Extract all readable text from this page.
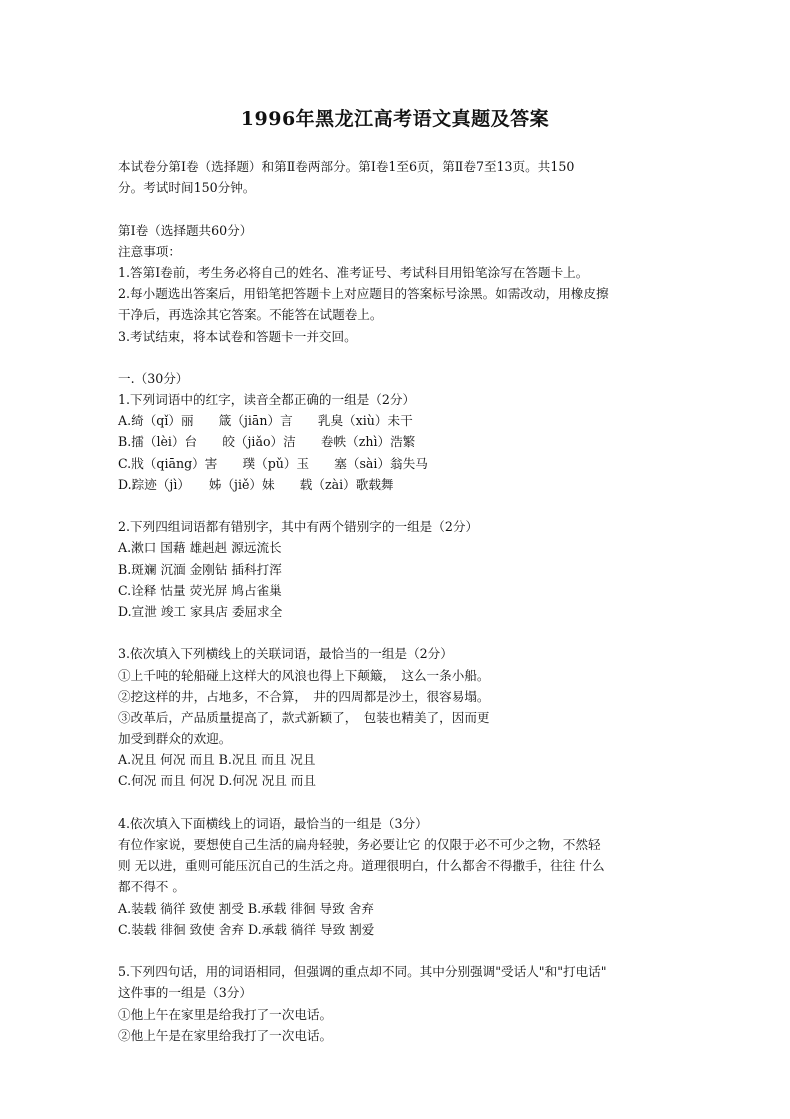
1996年黑龙江高考语文真题及答案
本试卷分第Ⅰ卷（选择题）和第Ⅱ卷两部分。第Ⅰ卷1至6页，第Ⅱ卷7至13页。共150
分。考试时间150分钟。
第Ⅰ卷（选择题共60分）
注意事项：
1.答第Ⅰ卷前，考生务必将自己的姓名、准考证号、考试科目用铅笔涂写在答题卡上。
2.每小题选出答案后，用铅笔把答题卡上对应题目的答案标号涂黑。如需改动，用橡皮擦
干净后，再选涂其它答案。不能答在试题卷上。
3.考试结束，将本试卷和答题卡一并交回。
一.（30分）
1.下列词语中的红字，读音全都正确的一组是（2分）
A.绮（qǐ）丽　　箴（jiān）言　　乳臭（xiù）未干
B.擂（lèi）台　　皎（jiǎo）洁　　卷帙（zhì）浩繁
C.戕（qiāng）害　　璞（pǔ）玉　　塞（sài）翁失马
D.踪迹（jì）　　姊（jiě）妹　　载（zài）歌载舞
2.下列四组词语都有错别字，其中有两个错别字的一组是（2分）
A.漱口 国藉 雄赳赳 源远流长
B.斑斓 沉湎 金刚钻 插科打浑
C.诠释 怙量 荧光屏 鸠占雀巢
D.宣泄 竣工 家具店 委屈求全
3.依次填入下列横线上的关联词语，最恰当的一组是（2分）
①上千吨的轮船碰上这样大的风浪也得上下颠簸，　这么一条小船。
②挖这样的井，占地多，不合算，　井的四周都是沙土，很容易塌。
③改革后，产品质量提高了，款式新颖了，　包装也精美了，因而更
加受到群众的欢迎。
A.况且 何况 而且 B.况且 而且 况且
C.何况 而且 何况 D.何况 况且 而且
4.依次填入下面横线上的词语，最恰当的一组是（3分）
有位作家说，要想使自己生活的扁舟轻驶，务必要让它 的仅限于必不可少之物，不然轻
则 无以进，重则可能压沉自己的生活之舟。道理很明白，什么都舍不得撒手，往往 什么
都不得不 。
A.装载 徜徉 致使 割受 B.承载 徘徊 导致 舍弃
C.装载 徘徊 致使 舍弃 D.承载 徜徉 导致 割爱
5.下列四句话，用的词语相同，但强调的重点却不同。其中分别强调"受话人"和"打电话"
这件事的一组是（3分）
①他上午在家里是给我打了一次电话。
②他上午是在家里给我打了一次电话。
